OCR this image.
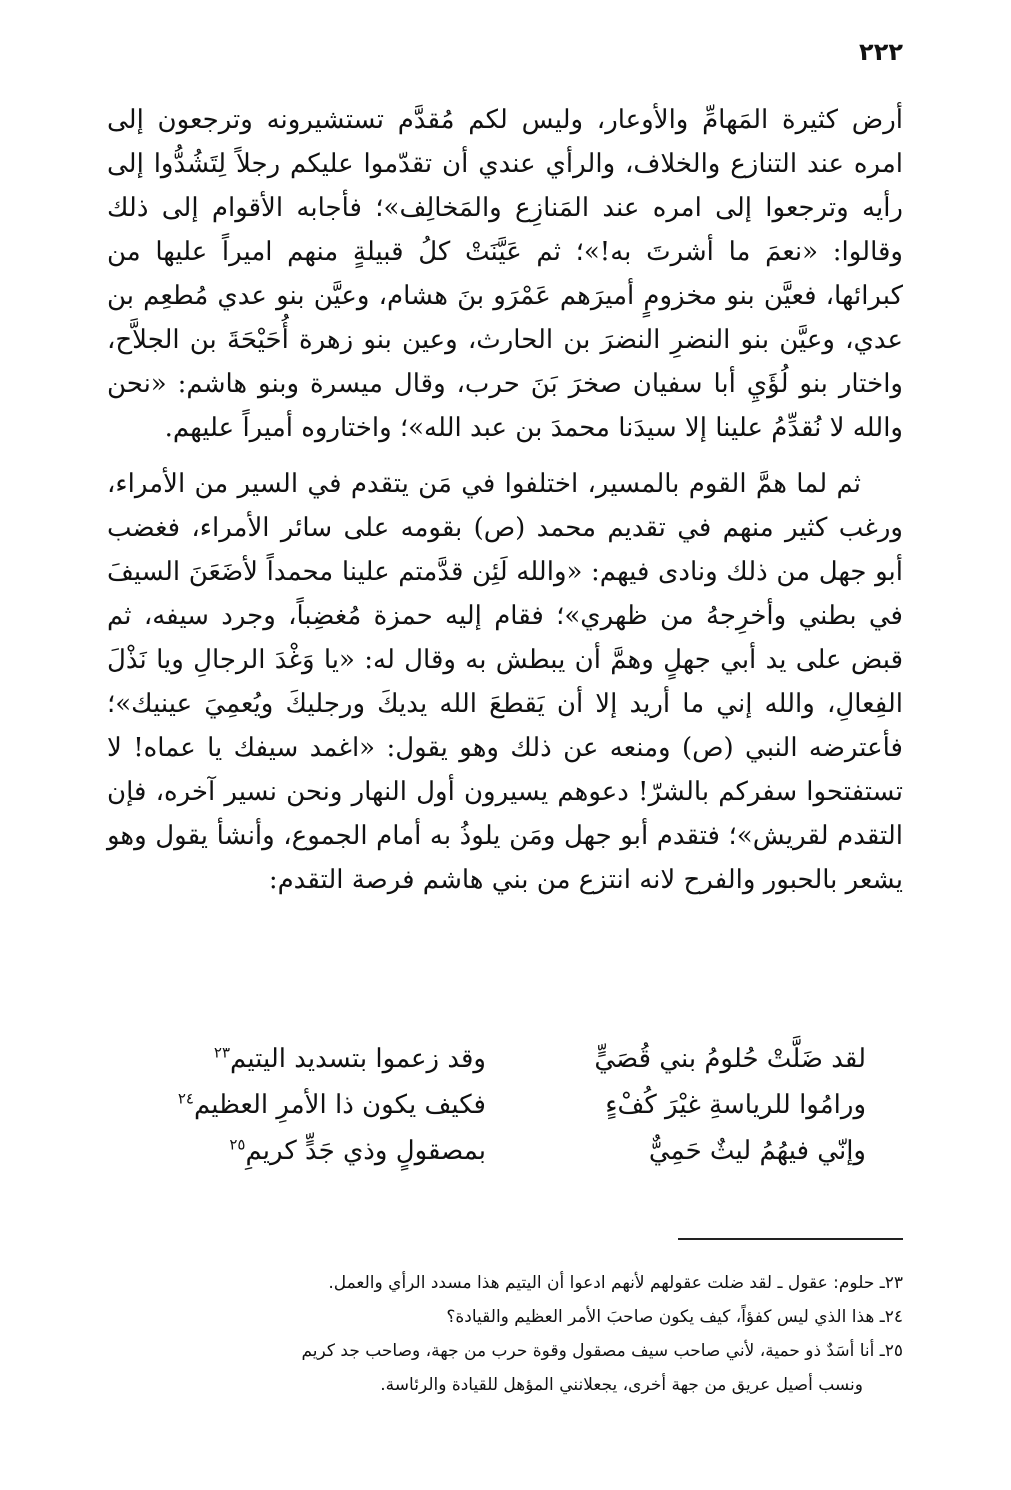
٢٢٢

أرض كثيرة المَهامِّ والأوعار، وليس لكم مُقدَّم تستشيرونه وترجعون إلى امره عند التنازع والخلاف، والرأي عندي أن تقدّموا عليكم رجلاً لِتَشُدُّوا إلى رأيه وترجعوا إلى امره عند المَنازِع والمَخالِف»؛ فأجابه الأقوام إلى ذلك وقالوا: «نعمَ ما أشرتَ به!»؛ ثم عَيَّنَتْ كلُ قبيلةٍ منهم اميراً عليها من كبرائها، فعيَّن بنو مخزومٍ أميرَهم عَمْرَو بنَ هشام، وعيَّن بنو عدي مُطعِم بن عدي، وعيَّن بنو النضرِ النضرَ بن الحارث، وعين بنو زهرة أُحَيْحَةَ بن الجلاَّح، واختار بنو لُؤَيِ أبا سفيان صخرَ بَنَ حرب، وقال ميسرة وبنو هاشم: «نحن والله لا نُقدِّمُ علينا إلا سيدَنا محمدَ بن عبد الله»؛ واختاروه أميراً عليهم.

ثم لما همَّ القوم بالمسير، اختلفوا في مَن يتقدم في السير من الأمراء، ورغب كثير منهم في تقديم محمد (ص) بقومه على سائر الأمراء، فغضب أبو جهل من ذلك ونادى فيهم: «والله لَئِن قدَّمتم علينا محمداً لأضَعَنَ السيفَ في بطني وأخرِجهُ من ظهري»؛ فقام إليه حمزة مُغضِباً، وجرد سيفه، ثم قبض على يد أبي جهلٍ وهمَّ أن يبطش به وقال له: «يا وَغْدَ الرجالِ ويا نَذْلَ الفِعالِ، والله إني ما أريد إلا أن يَقطعَ الله يديكَ ورجليكَ ويُعمِيَ عينيك»؛ فأعترضه النبي (ص) ومنعه عن ذلك وهو يقول: «اغمد سيفك يا عماه! لا تستفتحوا سفركم بالشرّ! دعوهم يسيرون أول النهار ونحن نسير آخره، فإن التقدم لقريش»؛ فتقدم أبو جهل ومَن يلوذُ به أمام الجموع، وأنشأ يقول وهو يشعر بالحبور والفرح لانه انتزع من بني هاشم فرصة التقدم:

لقد ضَلَّتْ حُلومُ بني قُصَيٍّ
وقد زعموا بتسديد اليتيم$^{٢٣}$
ورامُوا للرياسةِ غيْرَ كُفْءٍ
فكيف يكون ذا الأمرِ العظيم$^{٢٤}$
وإنّي فيهُمُ ليثٌ حَمِيٌّ
بمصقولٍ وذي جَدٍّ كريمِ$^{٢٥}$

٢٣ـ حلوم: عقول ـ لقد ضلت عقولهم لأنهم ادعوا أن اليتيم هذا مسدد الرأي والعمل.

٢٤ـ هذا الذي ليس كفؤاً، كيف يكون صاحبَ الأمر العظيم والقيادة؟

٢٥ـ أنا أسَدٌ ذو حمية، لأني صاحب سيف مصقول وقوة حرب من جهة، وصاحب جد كريم

ونسب أصيل عريق من جهة أخرى، يجعلانني المؤهل للقيادة والرئاسة.
